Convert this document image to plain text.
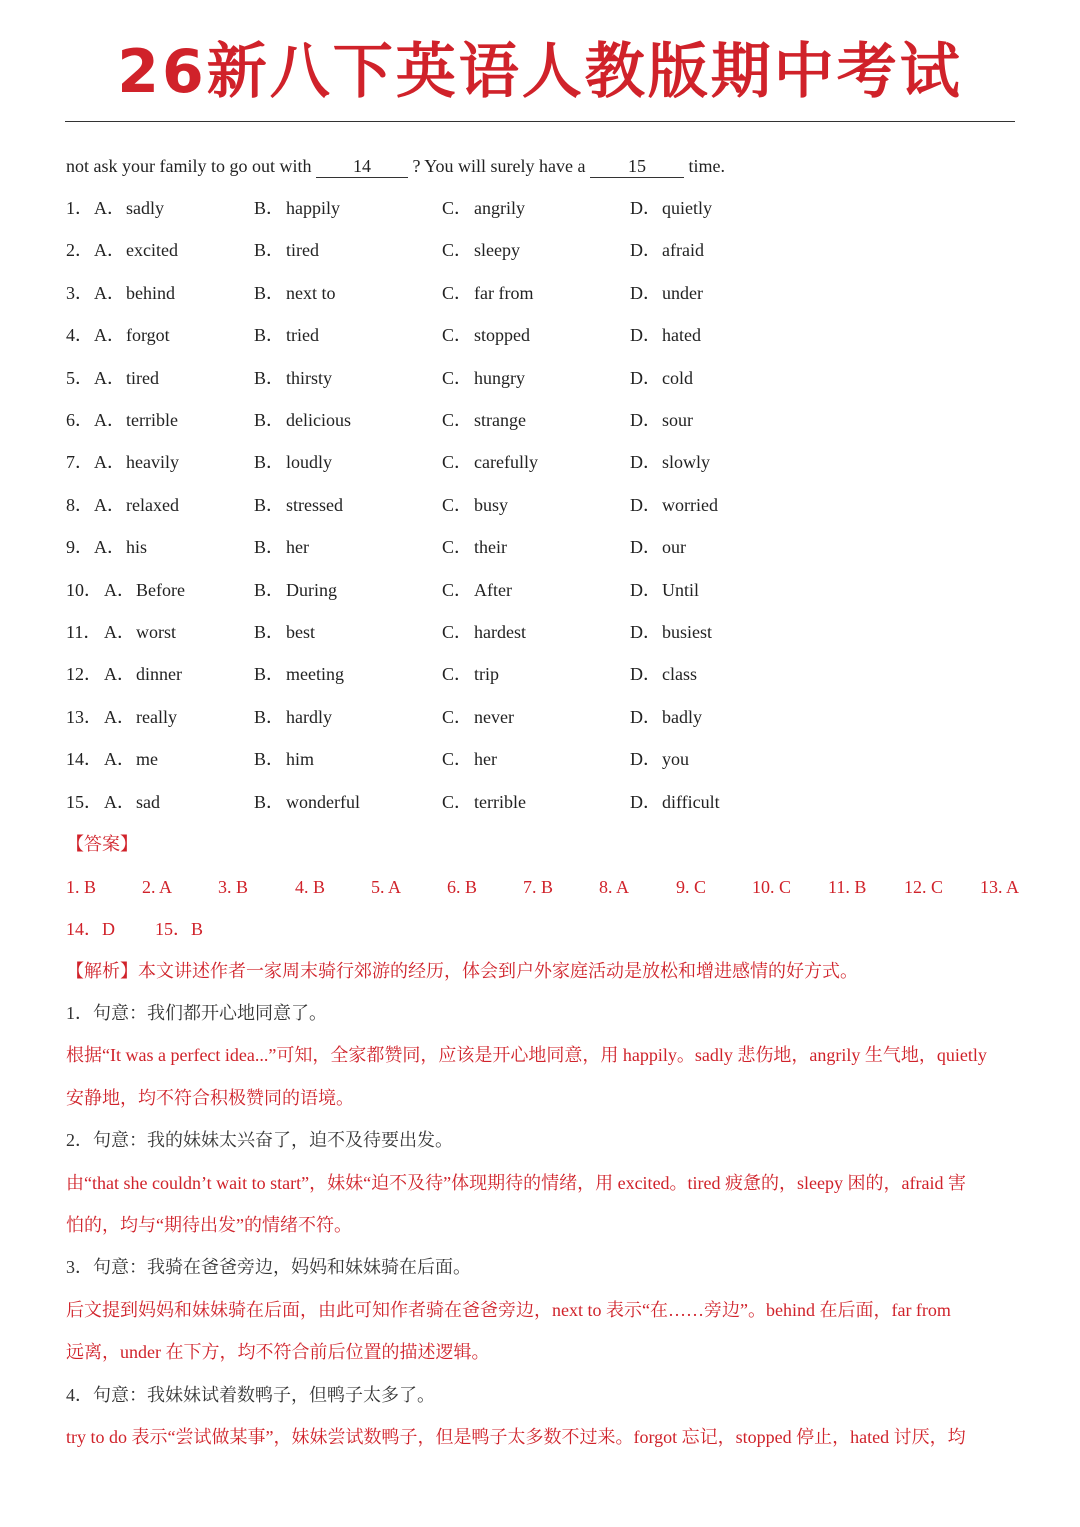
26新八下英语人教版期中考试
not ask your family to go out with 14 ? You will surely have a 15 time.
1． A． sadly	B． happily	C． angrily	D． quietly
2． A． excited	B． tired	C． sleepy	D． afraid
3． A． behind	B． next to	C． far from	D． under
4． A． forgot	B． tried	C． stopped	D． hated
5． A． tired	B． thirsty	C． hungry	D． cold
6． A． terrible	B． delicious	C． strange	D． sour
7． A． heavily	B． loudly	C． carefully	D． slowly
8． A． relaxed	B． stressed	C． busy	D． worried
9． A． his	B． her	C． their	D． our
10． A． Before	B． During	C． After	D． Until
11． A． worst	B． best	C． hardest	D． busiest
12． A． dinner	B． meeting	C． trip	D． class
13． A． really	B． hardly	C． never	D． badly
14． A． me	B． him	C． her	D． you
15． A． sad	B． wonderful	C． terrible	D． difficult
【答案】
1. B	2. A	3. B	4. B	5. A	6. B	7. B	8. A	9. C	10. C 11. B 12. C 13. A
14．D 15．B
【解析】本文讲述作者一家周末骑行郊游的经历，体会到户外家庭活动是放松和增进感情的好方式。
1．句意：我们都开心地同意了。
根据“It was a perfect idea...”可知，全家都赞同，应该是开心地同意，用 happily。sadly 悲伤地，angrily 生气地，quietly
安静地，均不符合积极赞同的语境。
2．句意：我的妹妹太兴奋了，迫不及待要出发。
由“that she couldn’t wait to start”，妹妹“迫不及待”体现期待的情绪，用 excited。tired 疲惫的，sleepy 困的，afraid 害
怕的，均与“期待出发”的情绪不符。
3．句意：我骑在爸爸旁边，妈妈和妹妹骑在后面。
后文提到妈妈和妹妹骑在后面，由此可知作者骑在爸爸旁边，next to 表示“在……旁边”。behind 在后面，far from
远离，under 在下方，均不符合前后位置的描述逻辑。
4．句意：我妹妹试着数鸭子，但鸭子太多了。
try to do 表示“尝试做某事”，妹妹尝试数鸭子，但是鸭子太多数不过来。forgot 忘记，stopped 停止，hated 讨厌，均
